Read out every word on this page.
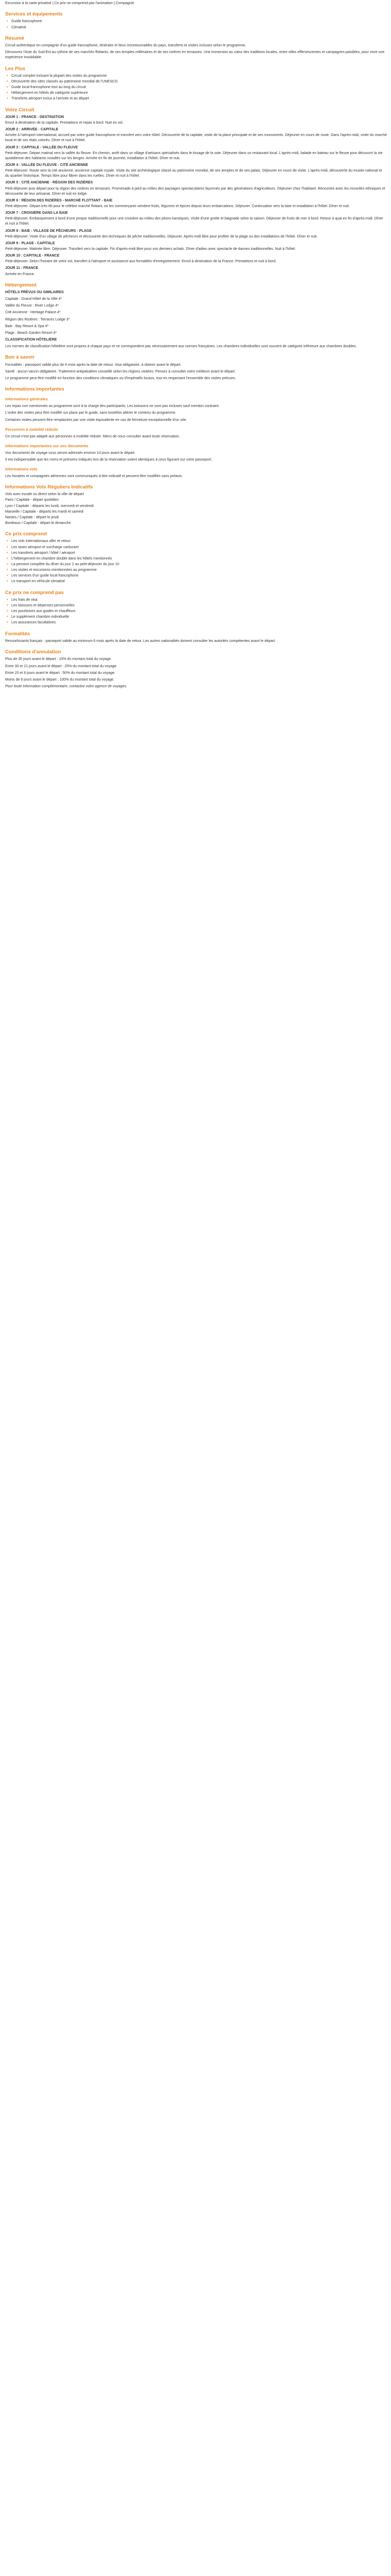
Excursion à la carte privatisé | Ce prix ne comprend pas l'animation | Compagnie

Services et équipements
• Guide francophone
• Climatisé
Résumé

Circuit authentique en compagnie d'un guide francophone, itinéraire et lieux incontournables du pays, transferts et visites incluses selon le programme.

Découvrez l'Asie du Sud-Est au rythme de ses marchés flottants, de ses temples millénaires et de ses rizières en terrasses. Une immersion au cœur des traditions locales, entre villes effervescentes et campagnes paisibles, pour vivre une expérience inoubliable.

Les Plus
• Circuit complet incluant la plupart des visites du programme
• Découverte des sites classés au patrimoine mondial de l'UNESCO
• Guide local francophone tout au long du circuit
• Hébergement en hôtels de catégorie supérieure
• Transferts aéroport inclus à l'arrivée et au départ
Votre Circuit
JOUR 1 : FRANCE - DESTINATION

Envol à destination de la capitale. Prestations et repas à bord. Nuit en vol.

JOUR 2 : ARRIVÉE - CAPITALE

Arrivée à l'aéroport international, accueil par votre guide francophone et transfert vers votre hôtel. Découverte de la capitale, visite de la place principale et de ses monuments. Déjeuner en cours de route. Dans l'après-midi, visite du marché local et de ses étals colorés. Dîner et nuit à l'hôtel.

JOUR 3 : CAPITALE - VALLÉE DU FLEUVE

Petit-déjeuner. Départ matinal vers la vallée du fleuve. En chemin, arrêt dans un village d'artisans spécialisés dans le tissage de la soie. Déjeuner dans un restaurant local. L'après-midi, balade en bateau sur le fleuve pour découvrir la vie quotidienne des habitants installés sur les berges. Arrivée en fin de journée, installation à l'hôtel. Dîner et nuit.

JOUR 4 : VALLÉE DU FLEUVE - CITÉ ANCIENNE

Petit-déjeuner. Route vers la cité ancienne, ancienne capitale royale. Visite du site archéologique classé au patrimoine mondial, de ses temples et de ses palais. Déjeuner en cours de visite. L'après-midi, découverte du musée national et du quartier historique. Temps libre pour flâner dans les ruelles. Dîner et nuit à l'hôtel.

JOUR 5 : CITÉ ANCIENNE - RÉGION DES RIZIÈRES

Petit-déjeuner puis départ pour la région des rizières en terrasses. Promenade à pied au milieu des paysages spectaculaires façonnés par des générations d'agriculteurs. Déjeuner chez l'habitant. Rencontre avec les minorités ethniques et découverte de leur artisanat. Dîner et nuit en lodge.

JOUR 6 : RÉGION DES RIZIÈRES - MARCHÉ FLOTTANT - BAIE

Petit-déjeuner. Départ très tôt pour le célèbre marché flottant, où les commerçants vendent fruits, légumes et épices depuis leurs embarcations. Déjeuner. Continuation vers la baie et installation à l'hôtel. Dîner et nuit.

JOUR 7 : CROISIÈRE DANS LA BAIE

Petit-déjeuner. Embarquement à bord d'une jonque traditionnelle pour une croisière au milieu des pitons karstiques. Visite d'une grotte et baignade selon la saison. Déjeuner de fruits de mer à bord. Retour à quai en fin d'après-midi. Dîner et nuit à l'hôtel.

JOUR 8 : BAIE - VILLAGE DE PÊCHEURS - PLAGE

Petit-déjeuner. Visite d'un village de pêcheurs et découverte des techniques de pêche traditionnelles. Déjeuner. Après-midi libre pour profiter de la plage ou des installations de l'hôtel. Dîner et nuit.

JOUR 9 : PLAGE - CAPITALE

Petit-déjeuner. Matinée libre. Déjeuner. Transfert vers la capitale. Fin d'après-midi libre pour vos derniers achats. Dîner d'adieu avec spectacle de danses traditionnelles. Nuit à l'hôtel.

JOUR 10 : CAPITALE - FRANCE

Petit-déjeuner. Selon l'horaire de votre vol, transfert à l'aéroport et assistance aux formalités d'enregistrement. Envol à destination de la France. Prestations et nuit à bord.

JOUR 11 : FRANCE

Arrivée en France.

Hébergement

HÔTELS PRÉVUS OU SIMILAIRES

Capitale : Grand Hôtel de la Ville 4*

Vallée du Fleuve : River Lodge 4*

Cité Ancienne : Heritage Palace 4*

Région des Rizières : Terraces Lodge 3*

Baie : Bay Resort & Spa 4*

Plage : Beach Garden Resort 4*

CLASSIFICATION HÔTELIÈRE

Les normes de classification hôtelière sont propres à chaque pays et ne correspondent pas nécessairement aux normes françaises. Les chambres individuelles sont souvent de catégorie inférieure aux chambres doubles.

Bon à savoir

Formalités : passeport valide plus de 6 mois après la date de retour. Visa obligatoire, à obtenir avant le départ.

Santé : aucun vaccin obligatoire. Traitement antipaludéen conseillé selon les régions visitées. Pensez à consulter votre médecin avant le départ.

Le programme peut être modifié en fonction des conditions climatiques ou d'impératifs locaux, tout en respectant l'ensemble des visites prévues.

Informations importantes
Informations générales

Les repas non mentionnés au programme sont à la charge des participants. Les boissons ne sont pas incluses sauf mention contraire.

L'ordre des visites peut être modifié sur place par le guide, sans toutefois altérer le contenu du programme.

Certaines visites peuvent être remplacées par une visite équivalente en cas de fermeture exceptionnelle d'un site.

Personnes à mobilité réduite

Ce circuit n'est pas adapté aux personnes à mobilité réduite. Merci de nous consulter avant toute réservation.

Informations importantes sur vos documents

Vos documents de voyage vous seront adressés environ 10 jours avant le départ.

Il est indispensable que les noms et prénoms indiqués lors de la réservation soient identiques à ceux figurant sur votre passeport.

Informations vols

Les horaires et compagnies aériennes sont communiqués à titre indicatif et peuvent être modifiés sans préavis.

Informations Vols Réguliers Indicatifs

Vols avec escale ou direct selon la ville de départ

Paris / Capitale - départ quotidien

Lyon / Capitale - départs les lundi, mercredi et vendredi

Marseille / Capitale - départs les mardi et samedi

Nantes / Capitale - départ le jeudi

Bordeaux / Capitale - départ le dimanche

Ce prix comprend
• Les vols internationaux aller et retour
• Les taxes aéroport et surcharge carburant
• Les transferts aéroport / hôtel / aéroport
• L'hébergement en chambre double dans les hôtels mentionnés
• La pension complète du dîner du jour 2 au petit-déjeuner du jour 10
• Les visites et excursions mentionnées au programme
• Les services d'un guide local francophone
• Le transport en véhicule climatisé
Ce prix ne comprend pas
• Les frais de visa
• Les boissons et dépenses personnelles
• Les pourboires aux guides et chauffeurs
• Le supplément chambre individuelle
• Les assurances facultatives
Formalités

Ressortissants français : passeport valide au minimum 6 mois après la date de retour. Les autres nationalités doivent consulter les autorités compétentes avant le départ.

Conditions d'annulation

Plus de 30 jours avant le départ : 10% du montant total du voyage.

Entre 30 et 21 jours avant le départ : 25% du montant total du voyage.

Entre 20 et 8 jours avant le départ : 50% du montant total du voyage.

Moins de 8 jours avant le départ : 100% du montant total du voyage.

Pour toute information complémentaire, contactez votre agence de voyages.
